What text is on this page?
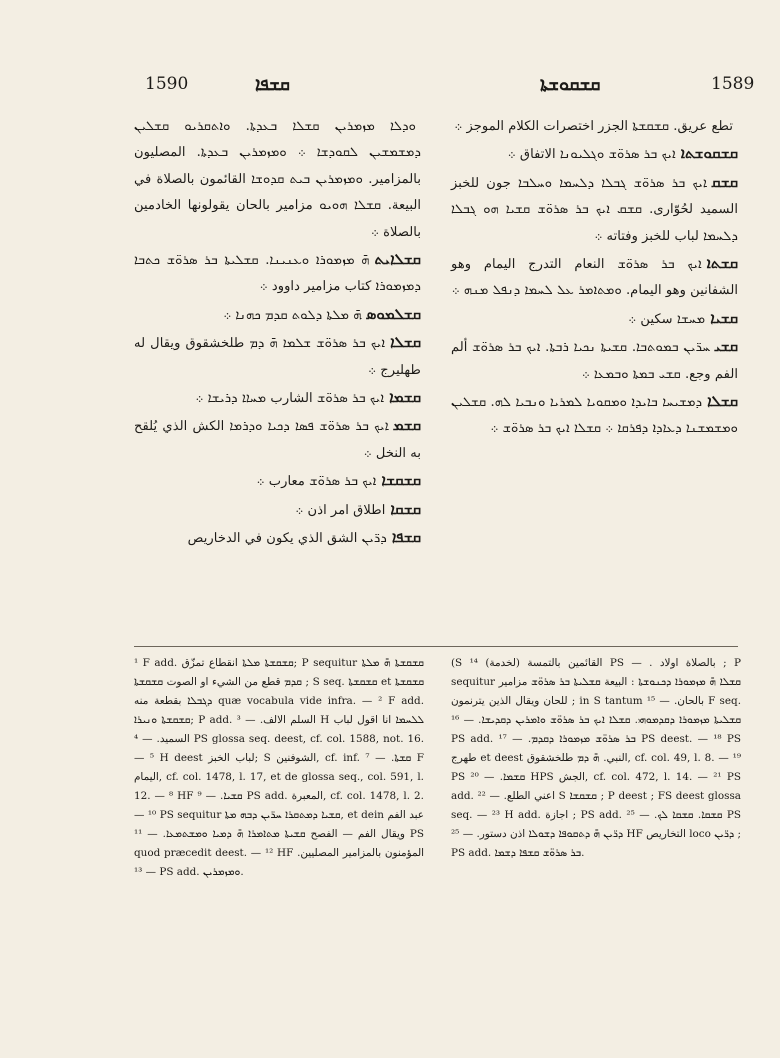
1590	ܩܫܦܐ	ܩܫܩܘܫܬܐ	1589

ܘܕܠܐ ܡܙܡܪܝܢ ܩܫܠܐ ܒܥܕܬܐ. ܘܐܬܩܪܝܘ ܩܫܠܝܢ ܕܡܫܡܫܝܢ ܠܩܘܕܫܐ ܀ ܘܡܙܡܪܝܢ ܒܥܕܬܐ. المصليون بالمزامير. ܘܡܙܡܪܝܢ ܒܝܬ ܩܕܘܫܐ القائمون بالصلاة في البيعة. ܩܫܠܐ ܗܘܝܘ مزامير بالحان يقولونها الخادمين بالصلاة ܀

ܩܫܠܐܝܬܗ̄ ܡܙܡܘܪܐ ܘܥܢܝܢܐ. ܩܫܠܝܬܐ ܒܪ ܣܪܘ̈ܫ ܟܬܒܐ ܕܡܙܡܘܪܐ كتاب مزامير داوود ܀

ܩܫܠܡܘܣܗ̄ ܡܠܬܐ ܕܠܘܬ ܩܕܡ ܟܗܢܐ ܀

ܩܫܠܐܐܝܟ ܒܪ ܣܪܘ̈ܫ ܫܠܡܐ ܗ̄ ܕܡ طلخشقوق ويقال له طهليرج ܀

ܩܫܡܐܐܝܟ ܒܪ ܣܪܘ̈ܫ الشارب ܡܚܐܐ ܕܪܝܫܐ ܀

ܩܫܡܐܝܟ ܒܪ ܣܪܘ̈ܫ ܦܣܐ ܕܟܝܐ ܘܕܪܡܐ الكش الذي يُلقح به النخل ܀

ܩܫܩܫܐܐܝܟ ܒܪ ܣܪܘ̈ܫ معارب ܀

ܩܫܩܐاطلاق امر اذن ܀

ܩܫܦܐܕܪ̈ܝܢ الشق الذي يكون في الدخاريص

تطع عريق. ܩܫܩܫܬܐ الجزر اختصرات الكلام الموجز ܀

ܩܫܩܘܫܬܐܐܝܟ ܒܪ ܣܪܘ̈ܫ ܘܓܠܝܘܢܐ الاتفاق ܀

ܩܫܩܐܝܟ ܒܪ ܣܪܘ̈ܫ ܓܒܠܐ ܕܠܚܡܐ ܘܚܠܒܐ جون للخبز السميد لحُوّارى. ܩܫܩ ܐܝܟ ܒܪ ܣܪܘ̈ܫ ܩܫܝܐ ܗܘ ܓܒܠܐ ܕܠܚܡܐ لباب للخبز وفتاته ܀

ܩܫܬܐܐܝܟ ܒܪ ܣܪܘ̈ܫ النعام التدرج اليمام وهو الشفانين وهو اليمام. ܘܡܬܐܡܪ ܥܠ ܠܚܡܐ ܕܢܦܠ ܡܢܗ ܀

ܩܫܝܐܡܚܫܐ سكين ܀

ܩܫܝܚܪ̈ܝܢ ܒܡܘܬܒܐ. ܩܫܝܬܐ ܢܟܝܐ ܪܒܬܐ. ܐܝܟ ܒܪ ܣܪܘ̈ܫ ألم الفم وجع. ܩܫܝ ܒܡܬܐ ܘܒܡܥܐ ܀

ܩܫܠܐܕܡܫܝܚܐ ܒܐܝܕܐ ܘܡܩܘܝܐ ܠܡܪܝܐ ܘܢܒܝܐ ܠܗ. ܩܫܠܝܢ ܘܡܫܡܫܢܐ ܕܥܐܕܐ ܕܦܪܩܐ ܀ ܩܫܠܐ ܐܝܟ ܒܪ ܣܪܘ̈ܫ ܀

¹ F add. ܩܫܩܫܬܐ ܡܠܬܐ انقطاع تمزّق; P sequitur ܩܫܩܫܬܐ ܗ̄ ܡܠܬܐ ܩܕܡ قطع من الشيء او الصوت ܩܫܩܫܬܐ ; S seq. ܩܫܩܫܬܐ et ܩܫܩܫܬܐ ܕܓܒܠܐ بقطعة منه quæ vocabula vide infra. — ² F add. ܩܫܩܫܬܐ ܘܢܝܪܐ; P add. السلم الالف. — ³ H ܠܠܚܡܐ انا اقول لباب السميد. — ⁴ PS glossa seq. deest, cf. col. 1588, not. 16. — ⁵ H deest لباب الخبز; S الشوفنين, cf. inf. ܩܫܬܐ. — ⁷ F اليمام, cf. col. 1478, l. 17, et de glossa seq., col. 591, l. 12. — ⁸ HF ܩܫܝܐ. — ⁹ PS add. المعبرة, cf. col. 1478, l. 2. — ¹⁰ PS sequitur ܩܫܝܐ ܕܡܬܩܪܐ ܚܪ̈ܝܢ ܕܒܗ ܡܬܐ, et dein عبد الفم ويقال الفم — الفصح ܩܫܝܬܐ ܡܬܐܡܪܐ ܗ̄ ܕܡܝܐ ܘܡܫܬܡܥܐ. — ¹¹ PS quod præcedit deest. — ¹² HF المؤمنون بالمزامير المصليين. — ¹³ PS add. ܘܡܙܡܪܝܢ.

(S القائمين بالتمسة (لخدمة) ¹⁴ PS — . بالصلاة اولاد ; P sequitur ܩܫܠܐ ܗ̄ ܡܙܡܘܪܐ ܕܟܢܘܫܬܐ : البيعة ܩܫܠܝܬܐ ܒܪ ܣܪܘ̈ܫ مزامير للحان ويقال الذين يترنمون ; in S tantum بالحان. — ¹⁵ F seq. ܩܫܠܝܬܐ ܡܙܡܘܪܐ ܕܩܕܡܘܗܝ. ܩܫܠܐ ܐܝܟ ܒܪ ܣܪܘ̈ܫ ܘܐܡܪܝܢ ܕܩܕܝܫܐ. — ¹⁶ PS add. ܒܪ ܣܪܘ̈ܫ ܡܙܡܘܪܐ ܕܩܕܡ. — ¹⁷ PS deest. — ¹⁸ PS طهرج et deest النبي. ܗ̄ ܕܡ طلخشقوق, cf. col. 49, l. 8. — ¹⁹ PS ܩܫܡܐ. — ²⁰ HPS الجش, cf. col. 472, l. 14. — ²¹ PS add. اعني الطلع. — ²² S ܩܫܩܫܐ ; P deest ; FS deest glossa seq. — ²³ H add. اجازة ; PS add. ܩܫܩܐ. ܩܫܩܐ ܠܟ. — ²⁵ PS ܕܪ̈ܝܢ ܗ̄ ܕܬܩܘܦܐ ܕܫܘܠܐ اذن دستور. — ²⁵ HF التخاريص loco ܕܪ̈ܝܢ ; PS add. ܒܪ ܣܪܘ̈ܫ ܩܫܦܐ ܕܫܡܐ.
